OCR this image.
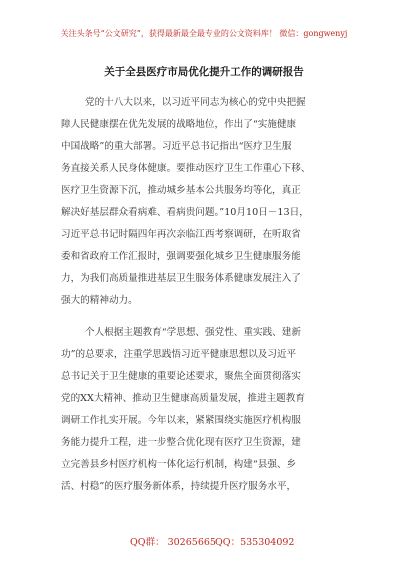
关注头条号“公文研究”，获得最新最全最专业的公文资料库！ 微信：gongwenyj
关于全县医疗市局优化提升工作的调研报告
党的十八大以来，以习近平同志为核心的党中央把握
障人民健康摆在优先发展的战略地位，作出了“实施健康
中国战略”的重大部署。习近平总书记指出“医疗卫生服
务直接关系人民身体健康。要推动医疗卫生工作重心下移、
医疗卫生资源下沉，推动城乡基本公共服务均等化，真正
解决好基层群众看病难、看病贵问题。”10月10日－13日，
习近平总书记时隔四年再次亲临江西考察调研，在听取省
委和省政府工作汇报时，强调要强化城乡卫生健康服务能
力，为我们高质量推进基层卫生服务体系健康发展注入了
强大的精神动力。
个人根据主题教育“学思想、强党性、重实践、建新
功”的总要求，注重学思践悟习近平健康思想以及习近平
总书记关于卫生健康的重要论述要求，聚焦全面贯彻落实
党的XX大精神、推动卫生健康高质量发展，推进主题教育
调研工作扎实开展。今年以来，紧紧围绕实施医疗机构服
务能力提升工程，进一步整合优化现有医疗卫生资源，建
立完善县乡村医疗机构一体化运行机制，构建“县强、乡
活、村稳”的医疗服务新体系，持续提升医疗服务水平，
QQ群： 30265665 QQ：535304092
